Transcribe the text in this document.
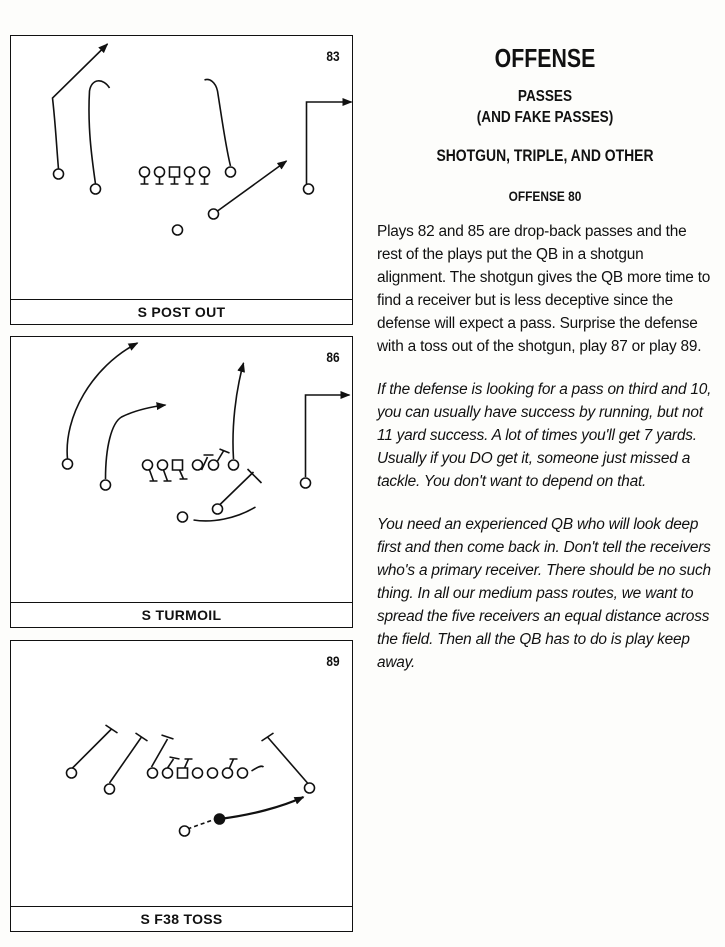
83
S POST OUT
86
S TURMOIL
89
S F38 TOSS
OFFENSE
PASSES
(AND FAKE PASSES)
SHOTGUN, TRIPLE, AND OTHER
OFFENSE 80

Plays 82 and 85 are drop-back passes and the rest of the plays put the QB in a shotgun alignment. The shotgun gives the QB more time to find a receiver but is less deceptive since the defense will expect a pass. Surprise the defense with a toss out of the shotgun, play 87 or play 89.

If the defense is looking for a pass on third and 10, you can usually have success by running, but not 11 yard success. A lot of times you'll get 7 yards. Usually if you DO get it, someone just missed a tackle. You don't want to depend on that.

You need an experienced QB who will look deep first and then come back in. Don't tell the receivers who's a primary receiver. There should be no such thing. In all our medium pass routes, we want to spread the five receivers an equal distance across the field. Then all the QB has to do is play keep away.
